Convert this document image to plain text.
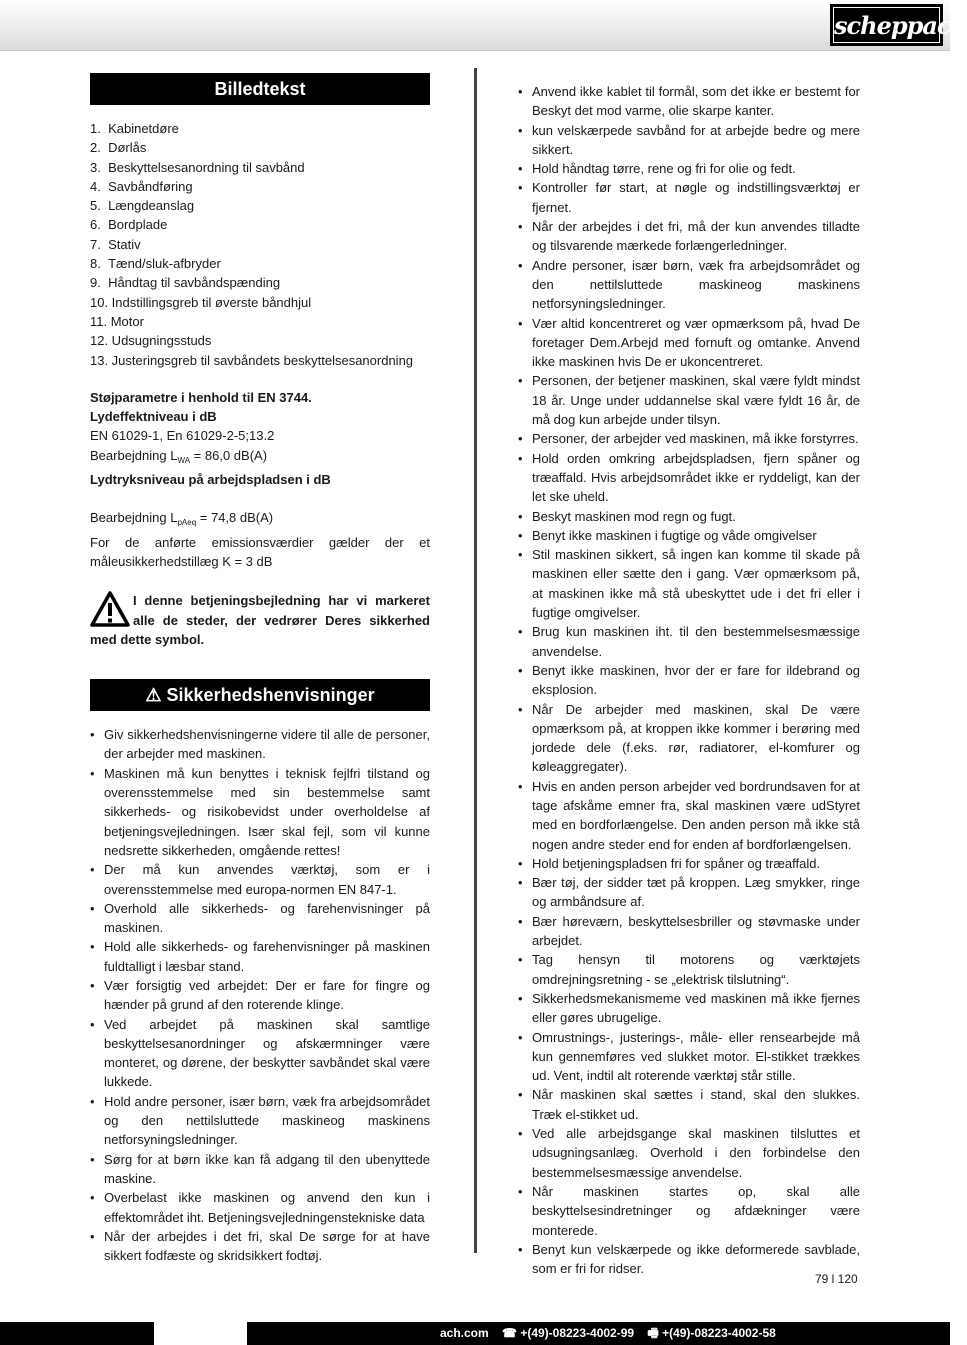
scheppach
Billedtekst
1.  Kabinetdøre
2.  Dørlås
3.  Beskyttelsesanordning til savbånd
4.  Savbåndføring
5.  Længdeanslag
6.  Bordplade
7.  Stativ
8.  Tænd/sluk-afbryder
9.  Håndtag til savbåndspænding
10. Indstillingsgreb til øverste båndhjul
11. Motor
12. Udsugningsstuds
13. Justeringsgreb til savbåndets beskyttelsesanordning
Støjparametre i henhold til EN 3744.
Lydeffektniveau i dB
EN 61029-1, En 61029-2-5;13.2
Bearbejdning $L_{WA} = 86,0$ dB(A)
Lydtryksniveau på arbejdspladsen i dB
Bearbejdning $L_{pAeq} = 74,8$ dB(A)
For de anførte emissionsværdier gælder der et måleusikkerhedstillæg K = 3 dB
I denne betjeningsbejledning har vi markeret alle de steder, der vedrører Deres sikkerhed med dette symbol.
⚠ Sikkerhedshenvisninger
• Giv sikkerhedshenvisningerne videre til alle de personer, der arbejder med maskinen.
• Maskinen må kun benyttes i teknisk fejlfri tilstand og overensstemmelse med sin bestemmelse samt sikkerheds- og risikobevidst under overholdelse af betjeningsvejledningen. Især skal fejl, som vil kunne nedsrette sikkerheden, omgående rettes!
• Der må kun anvendes værktøj, som er i overensstemmelse med europa-normen EN 847-1.
• Overhold alle sikkerheds- og farehenvisninger på maskinen.
• Hold alle sikkerheds- og farehenvisninger på maskinen fuldtalligt i læsbar stand.
• Vær forsigtig ved arbejdet: Der er fare for fingre og hænder på grund af den roterende klinge.
• Ved arbejdet på maskinen skal samtlige beskyttelsesanordninger og afskærmninger være monteret, og dørene, der beskytter savbåndet skal være lukkede.
• Hold andre personer, især børn, væk fra arbejdsområdet og den nettilsluttede maskineog maskinens netforsyningsledninger.
• Sørg for at børn ikke kan få adgang til den ubenyttede maskine.
• Overbelast ikke maskinen og anvend den kun i effektområdet iht. Betjeningsvejledningenstekniske data
• Når der arbejdes i det fri, skal De sørge for at have sikkert fodfæste og skridsikkert fodtøj.
• Anvend ikke kablet til formål, som det ikke er bestemt for Beskyt det mod varme, olie skarpe kanter.
• kun velskærpede savbånd for at arbejde bedre og mere sikkert.
• Hold håndtag tørre, rene og fri for olie og fedt.
• Kontroller før start, at nøgle og indstillingsværktøj er fjernet.
• Når der arbejdes i det fri, må der kun anvendes tilladte og tilsvarende mærkede forlængerledninger.
• Andre personer, især børn, væk fra arbejdsområdet og den nettilsluttede maskineog maskinens netforsyningsledninger.
• Vær altid koncentreret og vær opmærksom på, hvad De foretager Dem.Arbejd med fornuft og omtanke. Anvend ikke maskinen hvis De er ukoncentreret.
• Personen, der betjener maskinen, skal være fyldt mindst 18 år. Unge under uddannelse skal være fyldt 16 år, de må dog kun arbejde under tilsyn.
• Personer, der arbejder ved maskinen, må ikke forstyrres.
• Hold orden omkring arbejdspladsen, fjern spåner og træaffald. Hvis arbejdsområdet ikke er ryddeligt, kan der let ske uheld.
• Beskyt maskinen mod regn og fugt.
• Benyt ikke maskinen i fugtige og våde omgivelser
• Stil maskinen sikkert, så ingen kan komme til skade på maskinen eller sætte den i gang. Vær opmærksom på, at maskinen ikke må stå ubeskyttet ude i det fri eller i fugtige omgivelser.
• Brug kun maskinen iht. til den bestemmelsesmæssige anvendelse.
• Benyt ikke maskinen, hvor der er fare for ildebrand og eksplosion.
• Når De arbejder med maskinen, skal De være opmærksom på, at kroppen ikke kommer i berøring med jordede dele (f.eks. rør, radiatorer, el-komfurer og køleaggregater).
• Hvis en anden person arbejder ved bordrundsaven for at tage afskåme emner fra, skal maskinen være udStyret med en bordforlængelse. Den anden person må ikke stå nogen andre steder end for enden af bordforlængelsen.
• Hold betjeningspladsen fri for spåner og træaffald.
• Bær tøj, der sidder tæt på kroppen. Læg smykker, ringe og armbåndsure af.
• Bær høreværn, beskyttelsesbriller og støvmaske under arbejdet.
• Tag hensyn til motorens og værktøjets omdrejningsretning - se „elektrisk tilslutning“.
• Sikkerhedsmekanismeme ved maskinen må ikke fjernes eller gøres ubrugelige.
• Omrustnings-, justerings-, måle- eller rensearbejde må kun gennemføres ved slukket motor. El-stikket trækkes ud. Vent, indtil alt roterende værktøj står stille.
• Når maskinen skal sættes i stand, skal den slukkes. Træk el-stikket ud.
• Ved alle arbejdsgange skal maskinen tilsluttes et udsugningsanlæg. Overhold i den forbindelse den bestemmelsesmæssige anvendelse.
• Når maskinen startes op, skal alle beskyttelsesindretninger og afdækninger være monterede.
• Benyt kun velskærpede og ikke deformerede savblade, som er fri for ridser.
79 l 120
ach.com ☎ +(49)-08223-4002-99 🖷 +(49)-08223-4002-58
